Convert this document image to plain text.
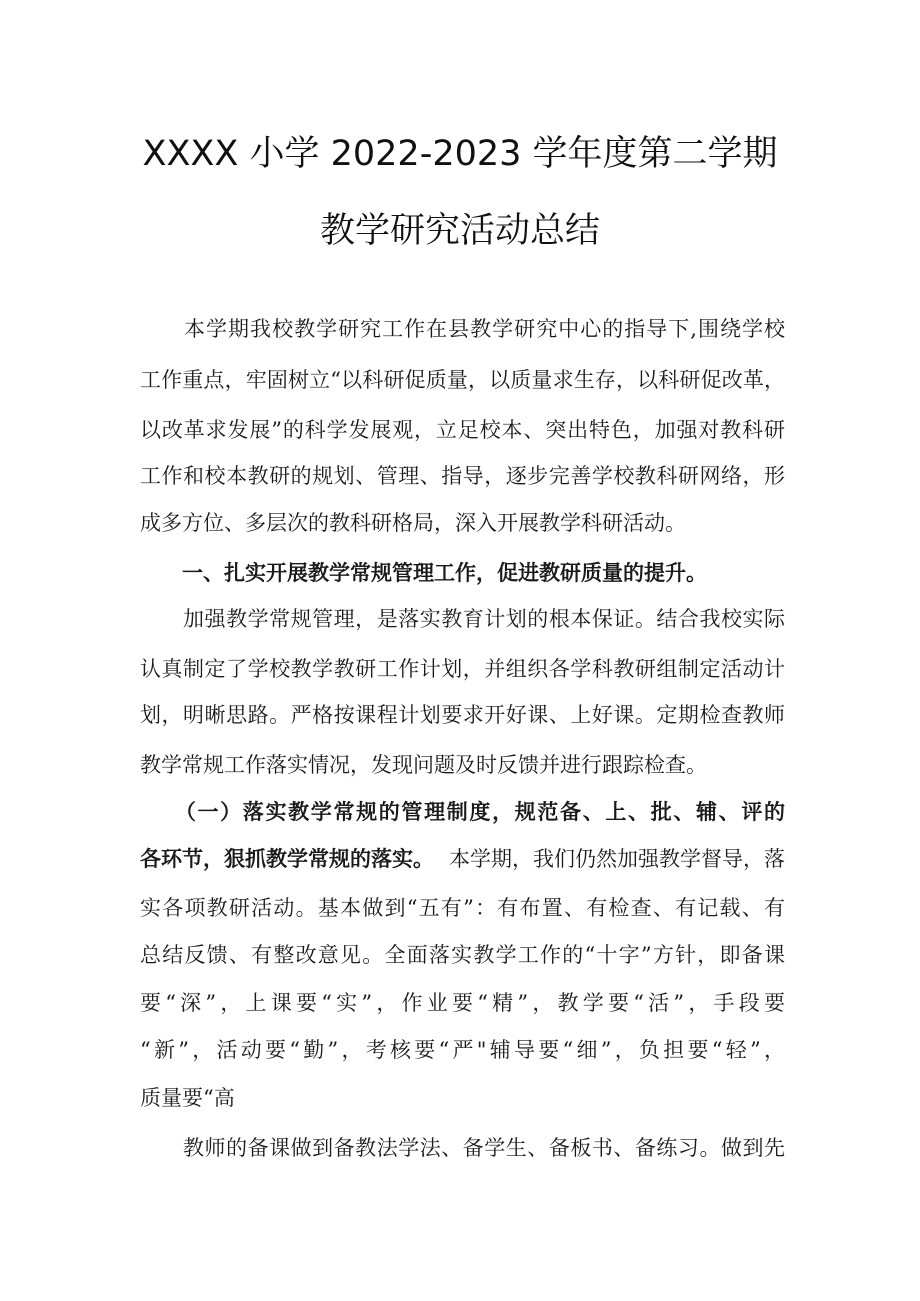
XXXX 小学 2022-2023 学年度第二学期
教学研究活动总结
　　本学期我校教学研究工作在县教学研究中心的指导下,围绕学校
工作重点，牢固树立“以科研促质量，以质量求生存，以科研促改革，
以改革求发展”的科学发展观，立足校本、突出特色，加强对教科研
工作和校本教研的规划、管理、指导，逐步完善学校教科研网络，形
成多方位、多层次的教科研格局，深入开展教学科研活动。
　　一、扎实开展教学常规管理工作，促进教研质量的提升。
　　加强教学常规管理，是落实教育计划的根本保证。结合我校实际
认真制定了学校教学教研工作计划，并组织各学科教研组制定活动计
划，明晰思路。严格按课程计划要求开好课、上好课。定期检查教师
教学常规工作落实情况，发现问题及时反馈并进行跟踪检查。
　　（一）落实教学常规的管理制度，规范备、上、批、辅、评的
各环节，狠抓教学常规的落实。 本学期，我们仍然加强教学督导，落
实各项教研活动。基本做到“五有”：有布置、有检查、有记载、有
总结反馈、有整改意见。全面落实教学工作的“十字”方针，即备课
要“深”，上课要“实”，作业要“精”，教学要“活”，手段要
“新”，活动要“勤”，考核要“严"辅导要“细”，负担要“轻”，
质量要“高
　　教师的备课做到备教法学法、备学生、备板书、备练习。做到先
